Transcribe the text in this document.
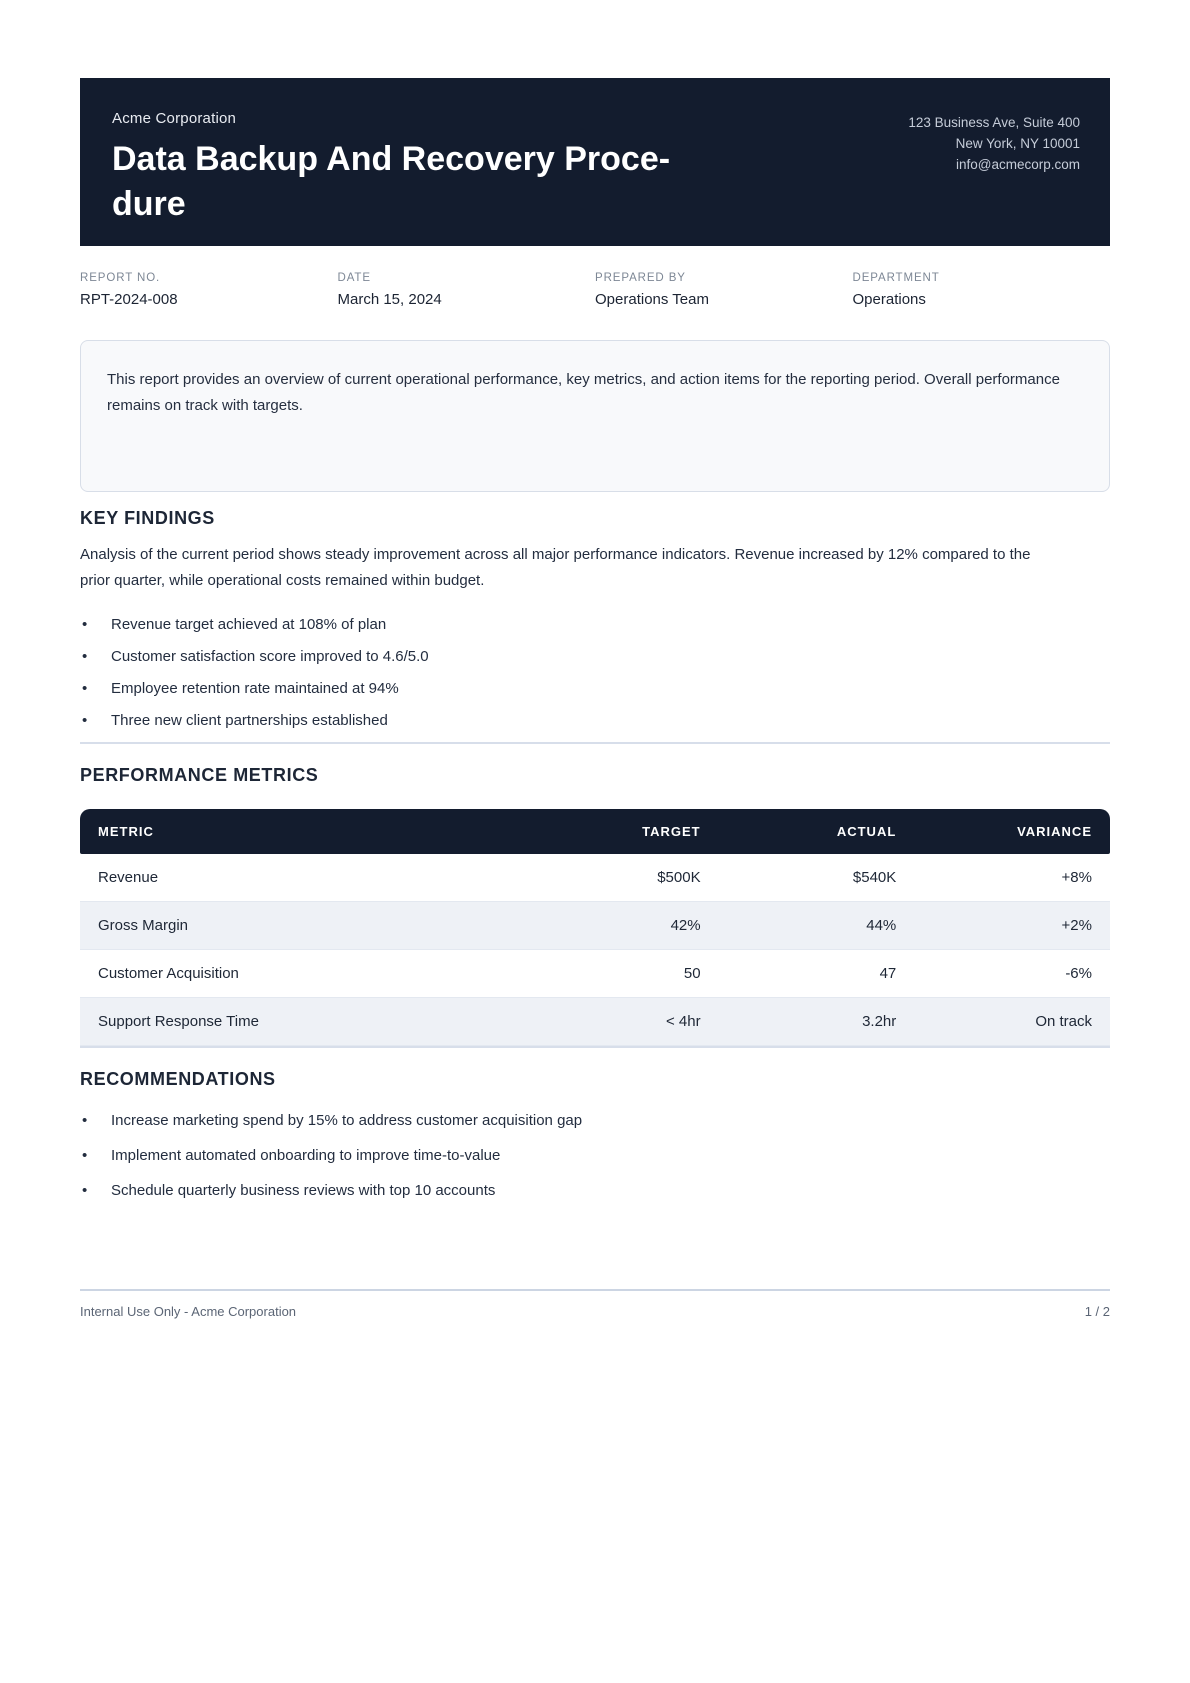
Acme Corporation
Data Backup And Recovery Proce-
dure
123 Business Ave, Suite 400
New York, NY 10001
info@acmecorp.com
REPORT NO.
RPT-2024-008
DATE
March 15, 2024
PREPARED BY
Operations Team
DEPARTMENT
Operations

This report provides an overview of current operational performance, key metrics, and action items for the reporting period. Overall performance remains on track with targets.

KEY FINDINGS

Analysis of the current period shows steady improvement across all major performance indicators. Revenue increased by 12% compared to the prior quarter, while operational costs remained within budget.

• Revenue target achieved at 108% of plan
• Customer satisfaction score improved to 4.6/5.0
• Employee retention rate maintained at 94%
• Three new client partnerships established
PERFORMANCE METRICS
METRIC	TARGET	ACTUAL	VARIANCE
Revenue	$500K	$540K	+8%
Gross Margin	42%	44%	+2%
Customer Acquisition	50	47	-6%
Support Response Time	< 4hr	3.2hr	On track
RECOMMENDATIONS
• Increase marketing spend by 15% to address customer acquisition gap
• Implement automated onboarding to improve time-to-value
• Schedule quarterly business reviews with top 10 accounts
Internal Use Only - Acme Corporation	1 / 2
